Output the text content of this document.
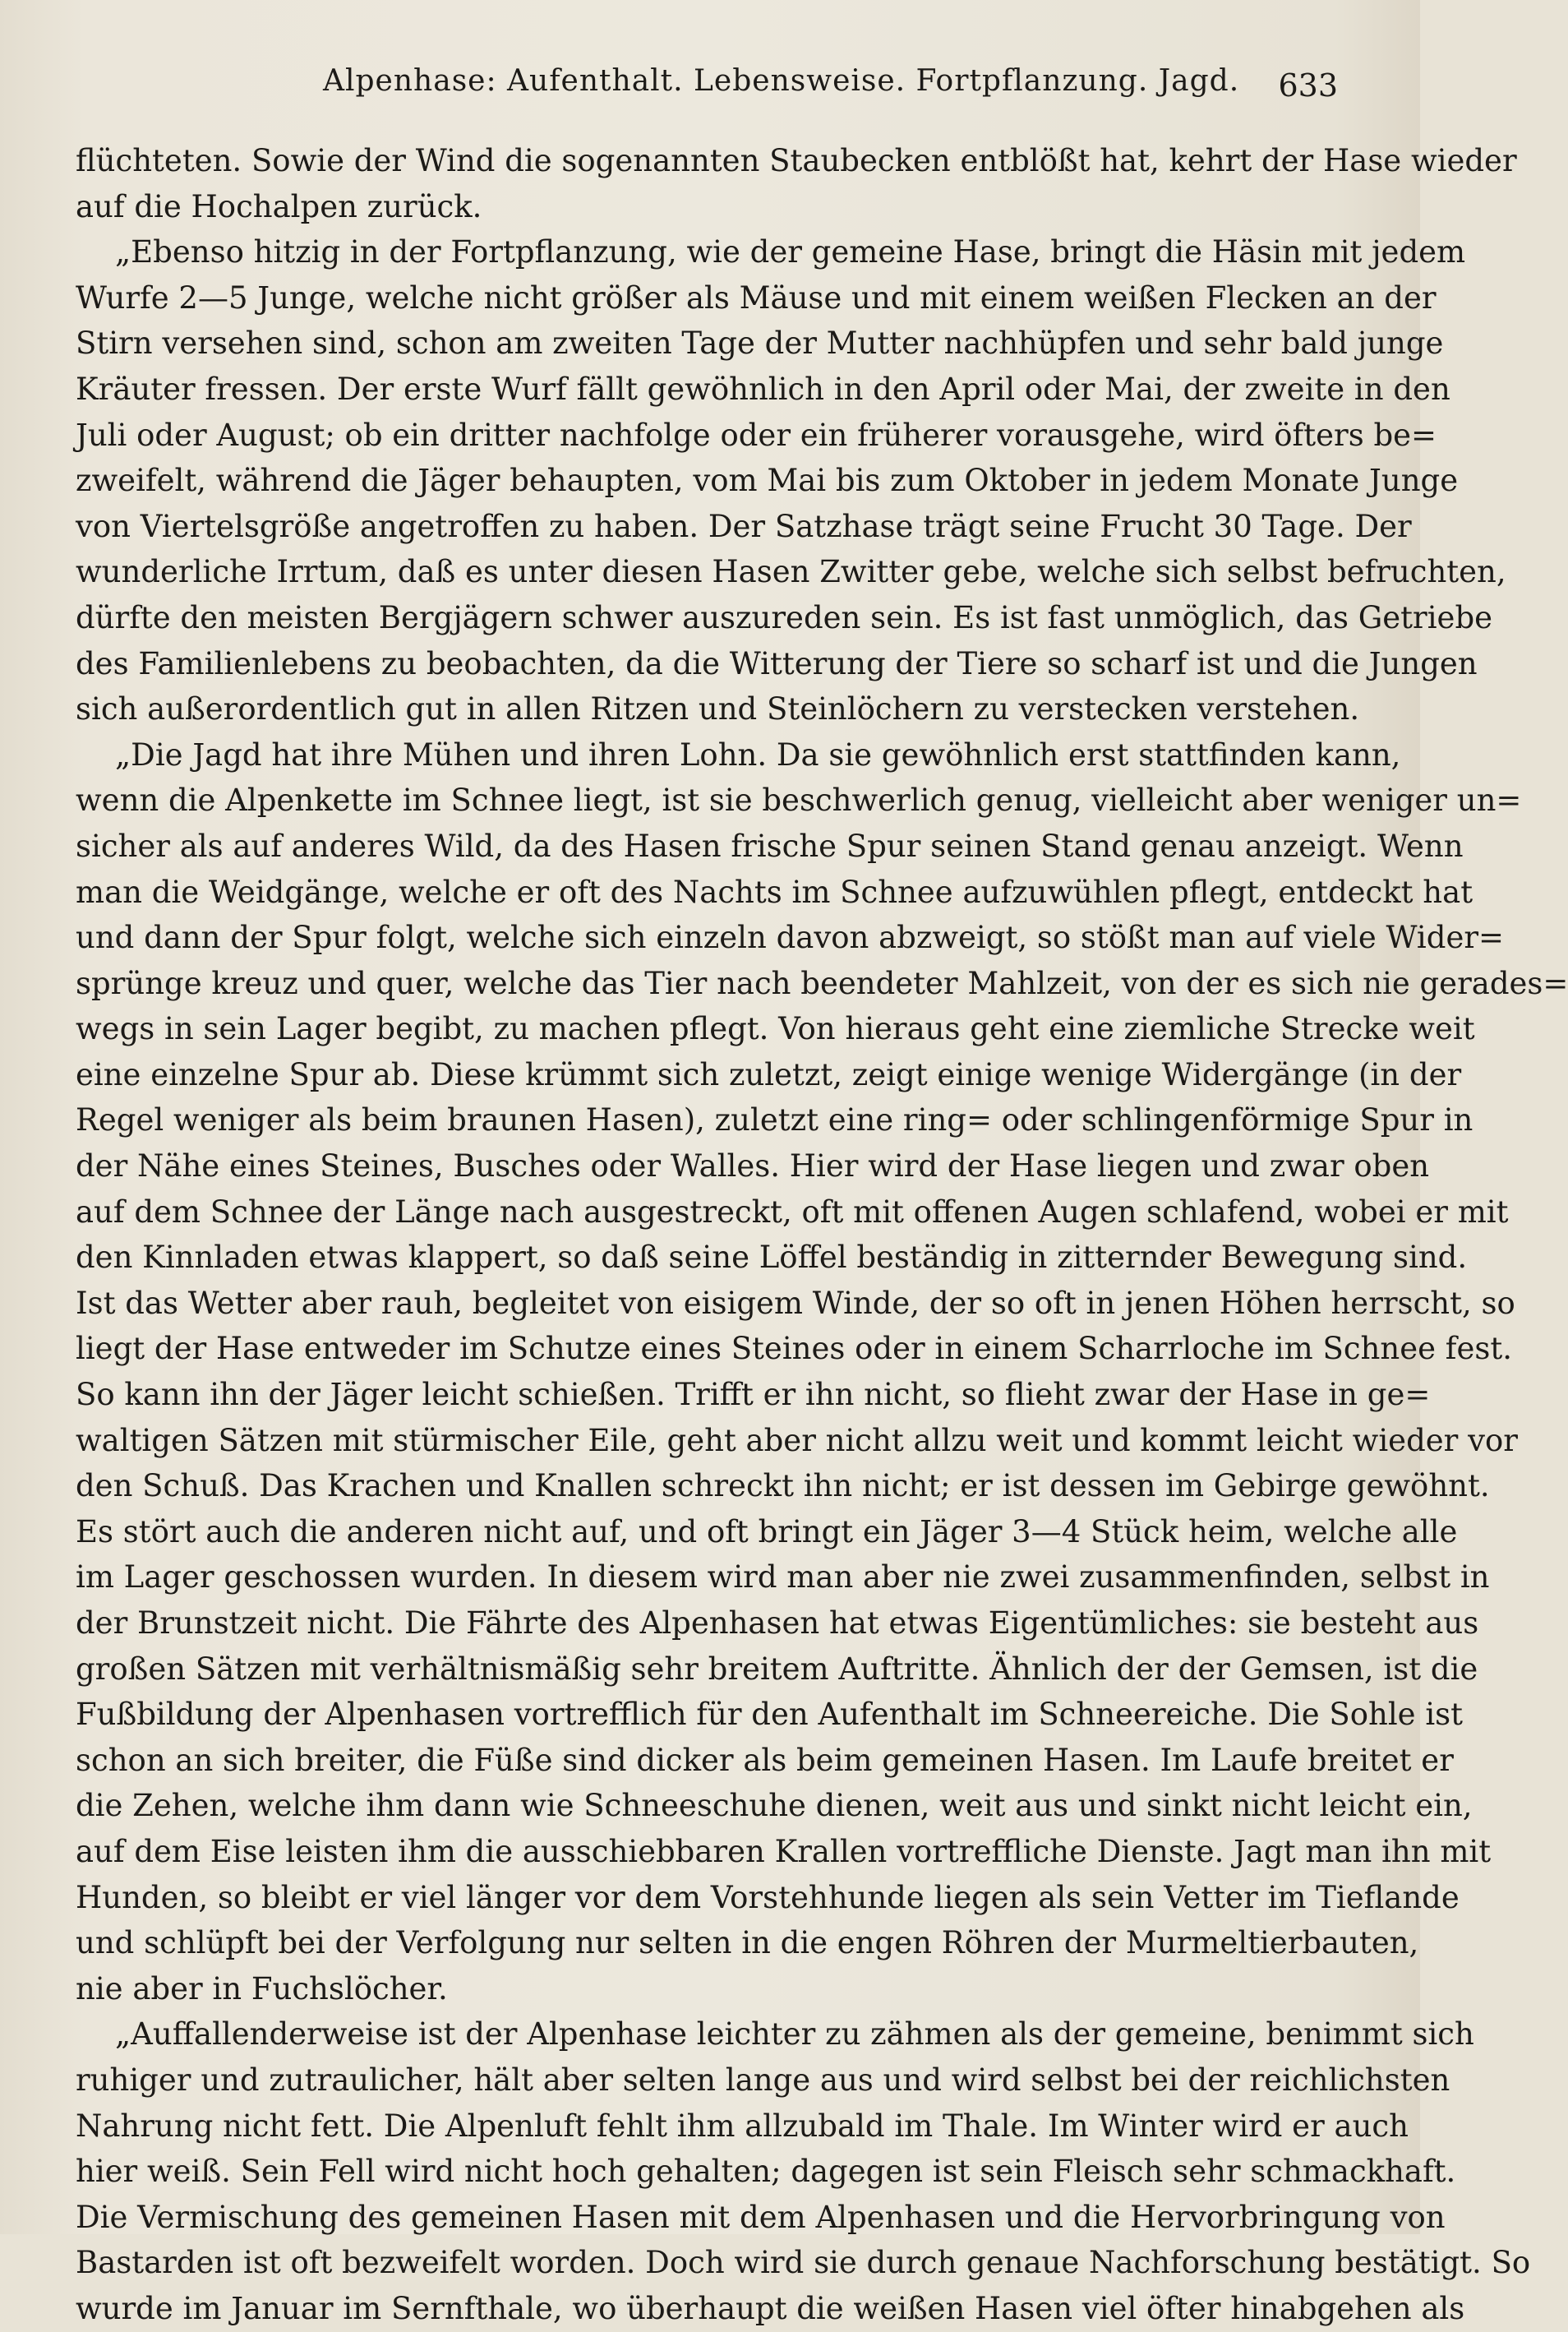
Alpenhase: Aufenthalt. Lebensweise. Fortpflanzung. Jagd. 633
flüchteten. Sowie der Wind die sogenannten Staubecken entblößt hat, kehrt der Hase wieder
auf die Hochalpen zurück.
„Ebenso hitzig in der Fortpflanzung, wie der gemeine Hase, bringt die Häsin mit jedem
Wurfe 2—5 Junge, welche nicht größer als Mäuse und mit einem weißen Flecken an der
Stirn versehen sind, schon am zweiten Tage der Mutter nachhüpfen und sehr bald junge
Kräuter fressen. Der erste Wurf fällt gewöhnlich in den April oder Mai, der zweite in den
Juli oder August; ob ein dritter nachfolge oder ein früherer vorausgehe, wird öfters be=
zweifelt, während die Jäger behaupten, vom Mai bis zum Oktober in jedem Monate Junge
von Viertelsgröße angetroffen zu haben. Der Satzhase trägt seine Frucht 30 Tage. Der
wunderliche Irrtum, daß es unter diesen Hasen Zwitter gebe, welche sich selbst befruchten,
dürfte den meisten Bergjägern schwer auszureden sein. Es ist fast unmöglich, das Getriebe
des Familienlebens zu beobachten, da die Witterung der Tiere so scharf ist und die Jungen
sich außerordentlich gut in allen Ritzen und Steinlöchern zu verstecken verstehen.
„Die Jagd hat ihre Mühen und ihren Lohn. Da sie gewöhnlich erst stattfinden kann,
wenn die Alpenkette im Schnee liegt, ist sie beschwerlich genug, vielleicht aber weniger un=
sicher als auf anderes Wild, da des Hasen frische Spur seinen Stand genau anzeigt. Wenn
man die Weidgänge, welche er oft des Nachts im Schnee aufzuwühlen pflegt, entdeckt hat
und dann der Spur folgt, welche sich einzeln davon abzweigt, so stößt man auf viele Wider=
sprünge kreuz und quer, welche das Tier nach beendeter Mahlzeit, von der es sich nie gerades=
wegs in sein Lager begibt, zu machen pflegt. Von hieraus geht eine ziemliche Strecke weit
eine einzelne Spur ab. Diese krümmt sich zuletzt, zeigt einige wenige Widergänge (in der
Regel weniger als beim braunen Hasen), zuletzt eine ring= oder schlingenförmige Spur in
der Nähe eines Steines, Busches oder Walles. Hier wird der Hase liegen und zwar oben
auf dem Schnee der Länge nach ausgestreckt, oft mit offenen Augen schlafend, wobei er mit
den Kinnladen etwas klappert, so daß seine Löffel beständig in zitternder Bewegung sind.
Ist das Wetter aber rauh, begleitet von eisigem Winde, der so oft in jenen Höhen herrscht, so
liegt der Hase entweder im Schutze eines Steines oder in einem Scharrloche im Schnee fest.
So kann ihn der Jäger leicht schießen. Trifft er ihn nicht, so flieht zwar der Hase in ge=
waltigen Sätzen mit stürmischer Eile, geht aber nicht allzu weit und kommt leicht wieder vor
den Schuß. Das Krachen und Knallen schreckt ihn nicht; er ist dessen im Gebirge gewöhnt.
Es stört auch die anderen nicht auf, und oft bringt ein Jäger 3—4 Stück heim, welche alle
im Lager geschossen wurden. In diesem wird man aber nie zwei zusammenfinden, selbst in
der Brunstzeit nicht. Die Fährte des Alpenhasen hat etwas Eigentümliches: sie besteht aus
großen Sätzen mit verhältnismäßig sehr breitem Auftritte. Ähnlich der der Gemsen, ist die
Fußbildung der Alpenhasen vortrefflich für den Aufenthalt im Schneereiche. Die Sohle ist
schon an sich breiter, die Füße sind dicker als beim gemeinen Hasen. Im Laufe breitet er
die Zehen, welche ihm dann wie Schneeschuhe dienen, weit aus und sinkt nicht leicht ein,
auf dem Eise leisten ihm die ausschiebbaren Krallen vortreffliche Dienste. Jagt man ihn mit
Hunden, so bleibt er viel länger vor dem Vorstehhunde liegen als sein Vetter im Tieflande
und schlüpft bei der Verfolgung nur selten in die engen Röhren der Murmeltierbauten,
nie aber in Fuchslöcher.
„Auffallenderweise ist der Alpenhase leichter zu zähmen als der gemeine, benimmt sich
ruhiger und zutraulicher, hält aber selten lange aus und wird selbst bei der reichlichsten
Nahrung nicht fett. Die Alpenluft fehlt ihm allzubald im Thale. Im Winter wird er auch
hier weiß. Sein Fell wird nicht hoch gehalten; dagegen ist sein Fleisch sehr schmackhaft.
Die Vermischung des gemeinen Hasen mit dem Alpenhasen und die Hervorbringung von
Bastarden ist oft bezweifelt worden. Doch wird sie durch genaue Nachforschung bestätigt. So
wurde im Januar im Sernfthale, wo überhaupt die weißen Hasen viel öfter hinabgehen als
